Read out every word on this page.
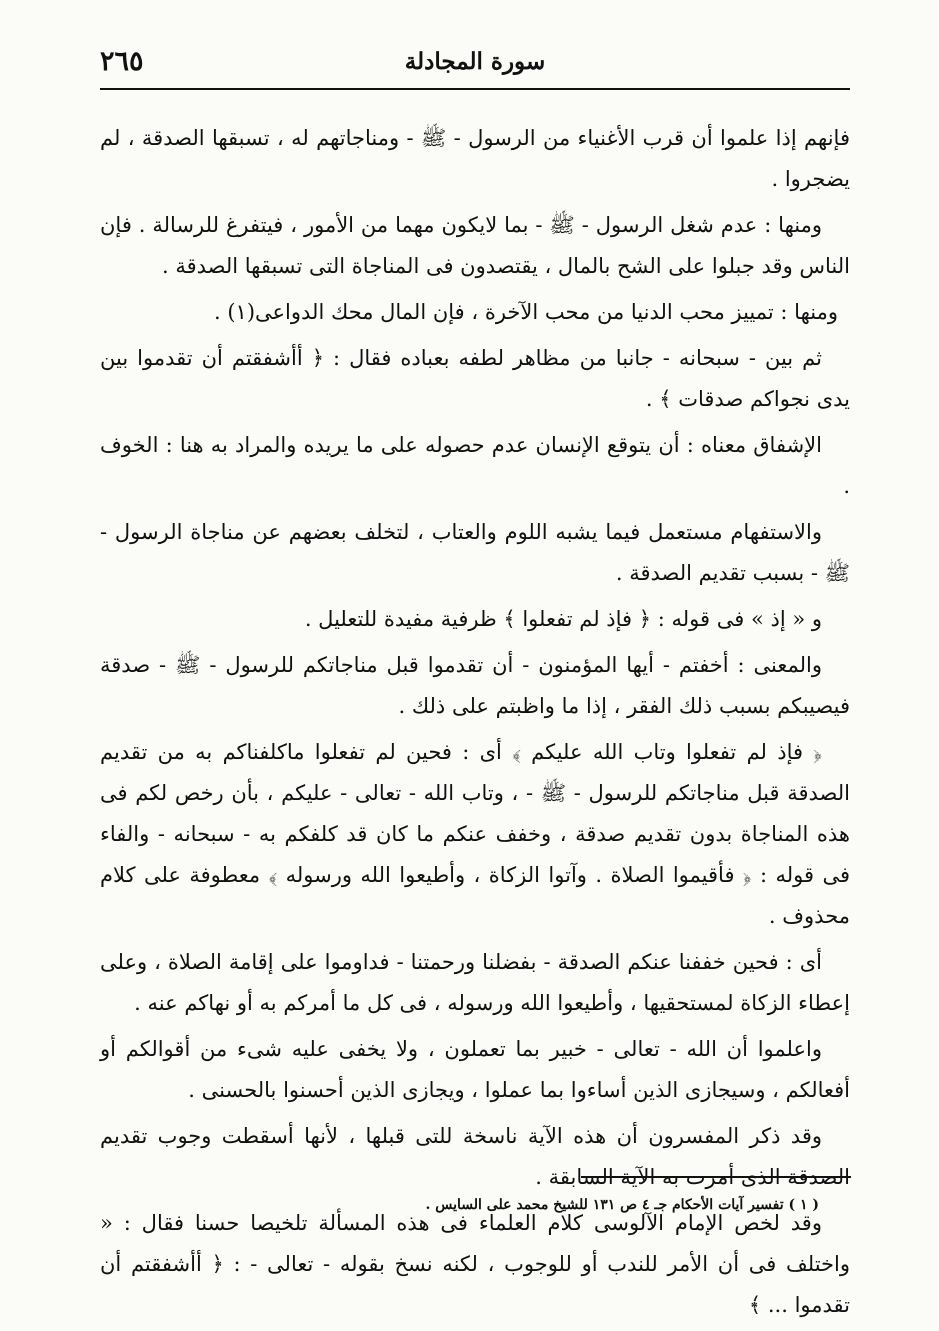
سورة المجادلة
٢٦٥

فإنهم إذا علموا أن قرب الأغنياء من الرسول - ﷺ - ومناجاتهم له ، تسبقها الصدقة ، لم يضجروا .

ومنها : عدم شغل الرسول - ﷺ - بما لايكون مهما من الأمور ، فيتفرغ للرسالة . فإن الناس وقد جبلوا على الشح بالمال ، يقتصدون فى المناجاة التى تسبقها الصدقة .

ومنها : تمييز محب الدنيا من محب الآخرة ، فإن المال محك الدواعى(١) .

ثم بين - سبحانه - جانبا من مظاهر لطفه بعباده فقال : ﴿ أأشفقتم أن تقدموا بين يدى نجواكم صدقات ﴾ .

الإشفاق معناه : أن يتوقع الإنسان عدم حصوله على ما يريده والمراد به هنا : الخوف .

والاستفهام مستعمل فيما يشبه اللوم والعتاب ، لتخلف بعضهم عن مناجاة الرسول - ﷺ - بسبب تقديم الصدقة .

و « إذ » فى قوله : ﴿ فإذ لم تفعلوا ﴾ ظرفية مفيدة للتعليل .

والمعنى : أخفتم - أيها المؤمنون - أن تقدموا قبل مناجاتكم للرسول - ﷺ - صدقة فيصيبكم بسبب ذلك الفقر ، إذا ما واظبتم على ذلك .

﴿ فإذ لم تفعلوا وتاب الله عليكم ﴾ أى : فحين لم تفعلوا ماكلفناكم به من تقديم الصدقة قبل مناجاتكم للرسول - ﷺ - ، وتاب الله - تعالى - عليكم ، بأن رخص لكم فى هذه المناجاة بدون تقديم صدقة ، وخفف عنكم ما كان قد كلفكم به - سبحانه - والفاء فى قوله : ﴿ فأقيموا الصلاة . وآتوا الزكاة ، وأطيعوا الله ورسوله ﴾ معطوفة على كلام محذوف .

أى : فحين خففنا عنكم الصدقة - بفضلنا ورحمتنا - فداوموا على إقامة الصلاة ، وعلى إعطاء الزكاة لمستحقيها ، وأطيعوا الله ورسوله ، فى كل ما أمركم به أو نهاكم عنه .

واعلموا أن الله - تعالى - خبير بما تعملون ، ولا يخفى عليه شىء من أقوالكم أو أفعالكم ، وسيجازى الذين أساءوا بما عملوا ، ويجازى الذين أحسنوا بالحسنى .

وقد ذكر المفسرون أن هذه الآية ناسخة للتى قبلها ، لأنها أسقطت وجوب تقديم الصدقة الذى أمرت به الآية السابقة .

وقد لخص الإمام الآلوسى كلام العلماء فى هذه المسألة تلخيصا حسنا فقال : « واختلف فى أن الأمر للندب أو للوجوب ، لكنه نسخ بقوله - تعالى - : ﴿ أأشفقتم أن تقدموا ... ﴾

( ١ ) تفسير آيات الأحكام جـ ٤ ص ١٣١ للشيخ محمد على السايس .
